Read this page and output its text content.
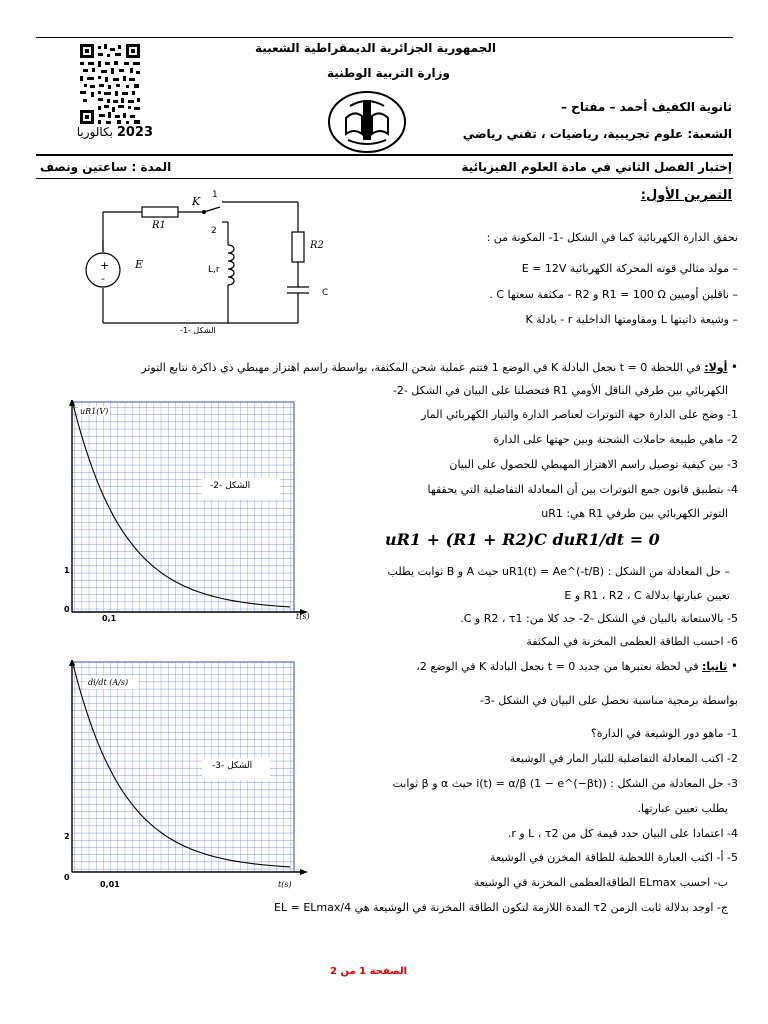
2023 بكالوريا
الجمهورية الجزائرية الديمقراطية الشعبية
وزارة التربية الوطنية
ثانوية الكفيف أحمد – مفتاح –
الشعبة: علوم تجريبية، رياضيات ، تقني رياضي
إختبار الفصل الثاني في مادة العلوم الفيزيائية
المدة : ساعتين ونصف
التمرين الأول:
نحقق الدارة الكهربائية كما في الشكل -1- المكونة من :
– مولد مثالي قوته المحركة الكهربائية E = 12V
– ناقلين أوميين R1 = 100 Ω و R2 - مكثفة سعتها C .
– وشيعة ذاتيتها L ومقاومتها الداخلية r - بادلة K
+
-
K 1
2
R1
R2
E	L,r
C
الشكل -1-
• أولا: في اللحظة t = 0 نجعل البادلة K في الوضع 1 فتتم عملية شحن المكثفة، بواسطة راسم اهتزاز مهبطي ذي ذاكرة نتابع التوتر
الكهربائي بين طرفي الناقل الأومي R1 فتحصلنا على البيان في الشكل -2-
uR1(V)
الشكل -2-
1
0
0,1	t(s)
1- وضح على الدارة جهة التوترات لعناصر الدارة والتيار الكهربائي المار
2- ماهي طبيعة حاملات الشحنة وبين جهتها على الدارة
3- بين كيفية توصيل راسم الاهتزاز المهبطي للحصول على البيان
4- بتطبيق قانون جمع التوترات بين أن المعادلة التفاضلية التي يحققها
التوتر الكهربائي بين طرفي R1 هي: uR1
uR1 + (R1 + R2)C duR1/dt = 0
– حل المعادلة من الشكل : uR1(t) = Ae^(-t/B) حيث A و B ثوابت يطلب
تعيين عبارتها بدلالة R1 ، R2 ، C و E
5- بالاستعانة بالبيان في الشكل -2- جد كلا من: R2 ، τ1 و C.
6- احسب الطاقة العظمى المخزنة في المكثفة
• ثانيا: في لحظة نعتبرها من جديد t = 0 نجعل البادلة K في الوضع 2،
بواسطة برمجية مناسبة نحصل على البيان في الشكل -3-
di/dt (A/s)
الشكل -3-
2
0
0,01	t(s)
1- ماهو دور الوشيعة في الدارة؟
2- اكتب المعادلة التفاضلية للتيار المار في الوشيعة
3- حل المعادلة من الشكل : i(t) = α/β (1 − e^(−βt)) حيث α و β ثوابت
يطلب تعيين عبارتها.
4- اعتمادا على البيان حدد قيمة كل من L ، τ2 و r.
5- أ- اكتب العبارة اللحظية للطاقة المخزن في الوشيعة
ب- احسب ELmax الطاقةالعظمى المخزنة في الوشيعة
ج- اوجد بدلالة ثابت الزمن τ2 المدة اللازمة لتكون الطاقة المخزنة في الوشيعة هي EL = ELmax/4
الصفحة 1 من 2
